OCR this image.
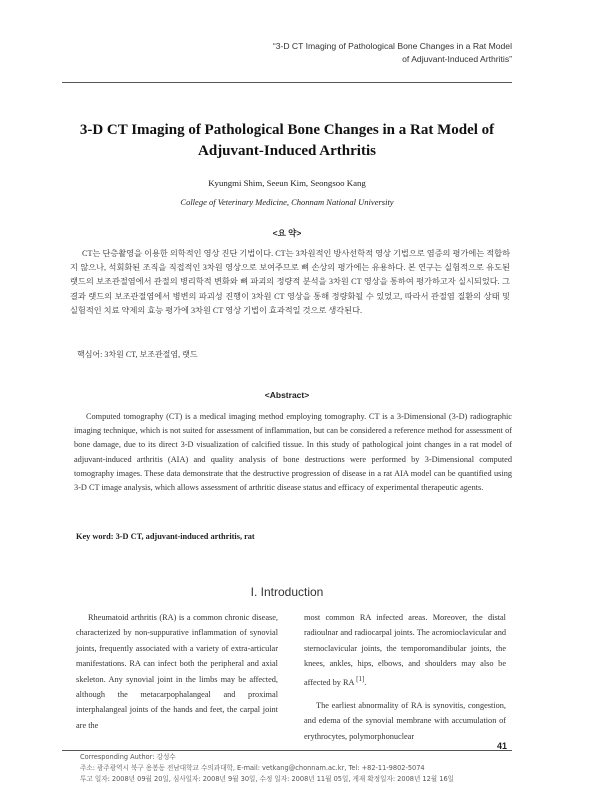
“3-D CT Imaging of Pathological Bone Changes in a Rat Model
of Adjuvant-Induced Arthritis”
3-D CT Imaging of Pathological Bone Changes in a Rat Model of Adjuvant-Induced Arthritis
Kyungmi Shim, Seeun Kim, Seongsoo Kang
College of Veterinary Medicine, Chonnam National University
<요 약>

CT는 단층촬영을 이용한 의학적인 영상 진단 기법이다. CT는 3차원적인 방사선학적 영상 기법으로 염증의 평가에는 적합하지 않으나, 석회화된 조직을 직접적인 3차원 영상으로 보여주므로 뼈 손상의 평가에는 유용하다. 본 연구는 실험적으로 유도된 랫드의 보조관절염에서 관절의 병리학적 변화와 뼈 파괴의 정량적 분석을 3차원 CT 영상을 통하여 평가하고자 실시되었다. 그 결과 랫드의 보조관절염에서 병변의 파괴성 진행이 3차원 CT 영상을 통해 정량화될 수 있었고, 따라서 관절염 질환의 상태 및 실험적인 치료 약제의 효능 평가에 3차원 CT 영상 기법이 효과적일 것으로 생각된다.

핵심어: 3차원 CT, 보조관절염, 랫드
<Abstract>

Computed tomography (CT) is a medical imaging method employing tomography. CT is a 3-Dimensional (3-D) radiographic imaging technique, which is not suited for assessment of inflammation, but can be considered a reference method for assessment of bone damage, due to its direct 3-D visualization of calcified tissue. In this study of pathological joint changes in a rat model of adjuvant-induced arthritis (AIA) and quality analysis of bone destructions were performed by 3-Dimensional computed tomography images. These data demonstrate that the destructive progression of disease in a rat AIA model can be quantified using 3-D CT image analysis, which allows assessment of arthritic disease status and efficacy of experimental therapeutic agents.

Key word: 3-D CT, adjuvant-induced arthritis, rat
I. Introduction

Rheumatoid arthritis (RA) is a common chronic disease, characterized by non-suppurative inflammation of synovial joints, frequently associated with a variety of extra-articular manifestations. RA can infect both the peripheral and axial skeleton. Any synovial joint in the limbs may be affected, although the metacarpophalangeal and proximal interphalangeal joints of the hands and feet, the carpal joint are the

most common RA infected areas. Moreover, the distal radioulnar and radiocarpal joints. The acromioclavicular and sternoclavicular joints, the temporomandibular joints, the knees, ankles, hips, elbows, and shoulders may also be affected by RA [1].

The earliest abnormality of RA is synovitis, congestion, and edema of the synovial membrane with accumulation of erythrocytes, polymorphonuclear

41
Corresponding Author: 강성수
주소: 광주광역시 북구 용봉동 전남대학교 수의과대학, E-mail: vetkang@chonnam.ac.kr, Tel: +82-11-9802-5074
투고 일자: 2008년 09월 20일, 심사일자: 2008년 9월 30일, 수정 일자: 2008년 11월 05일, 게재 확정일자: 2008년 12월 16일
